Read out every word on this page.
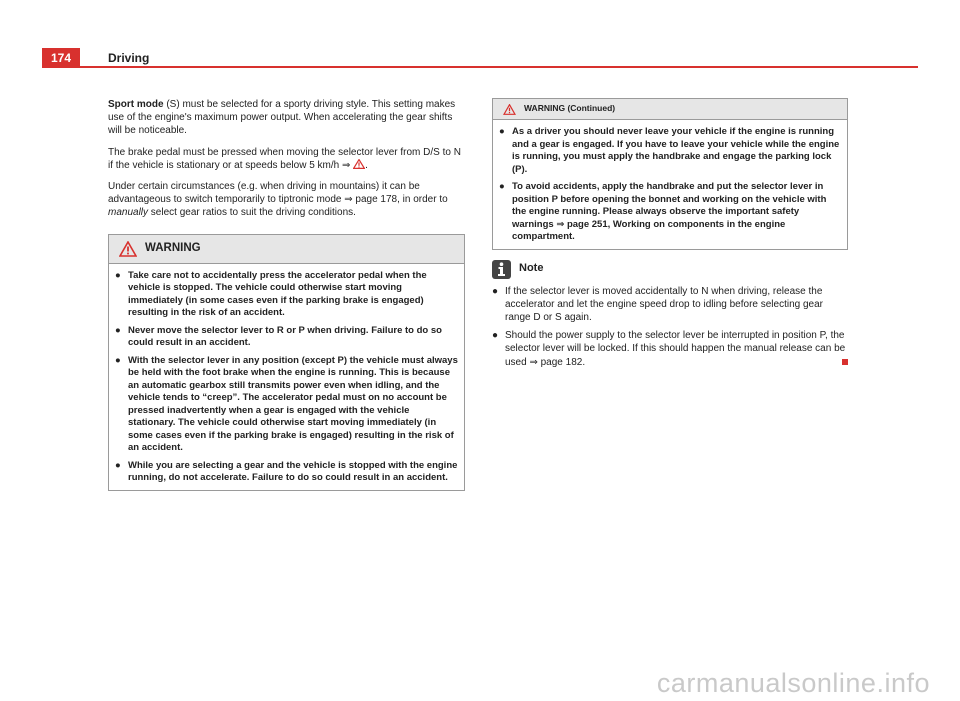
174	Driving

Sport mode (S) must be selected for a sporty driving style. This setting makes use of the engine's maximum power output. When accelerating the gear shifts will be noticeable.

The brake pedal must be pressed when moving the selector lever from D/S to N if the vehicle is stationary or at speeds below 5 km/h ⇒ .

Under certain circumstances (e.g. when driving in mountains) it can be advantageous to switch temporarily to tiptronic mode ⇒ page 178, in order to manually select gear ratios to suit the driving conditions.

WARNING
● Take care not to accidentally press the accelerator pedal when the vehicle is stopped. The vehicle could otherwise start moving immediately (in some cases even if the parking brake is engaged) resulting in the risk of an accident.
● Never move the selector lever to R or P when driving. Failure to do so could result in an accident.
● With the selector lever in any position (except P) the vehicle must always be held with the foot brake when the engine is running. This is because an automatic gearbox still transmits power even when idling, and the vehicle tends to “creep”. The accelerator pedal must on no account be pressed inadvertently when a gear is engaged with the vehicle stationary. The vehicle could otherwise start moving immediately (in some cases even if the parking brake is engaged) resulting in the risk of an accident.
● While you are selecting a gear and the vehicle is stopped with the engine running, do not accelerate. Failure to do so could result in an accident.
WARNING (Continued)
● As a driver you should never leave your vehicle if the engine is running and a gear is engaged. If you have to leave your vehicle while the engine is running, you must apply the handbrake and engage the parking lock (P).
● To avoid accidents, apply the handbrake and put the selector lever in position P before opening the bonnet and working on the vehicle with the engine running. Please always observe the important safety warnings ⇒ page 251, Working on components in the engine compartment.
Note
● If the selector lever is moved accidentally to N when driving, release the accelerator and let the engine speed drop to idling before selecting gear range D or S again.
● Should the power supply to the selector lever be interrupted in position P, the selector lever will be locked. If this should happen the manual release can be used ⇒ page 182.
carmanualsonline.info
